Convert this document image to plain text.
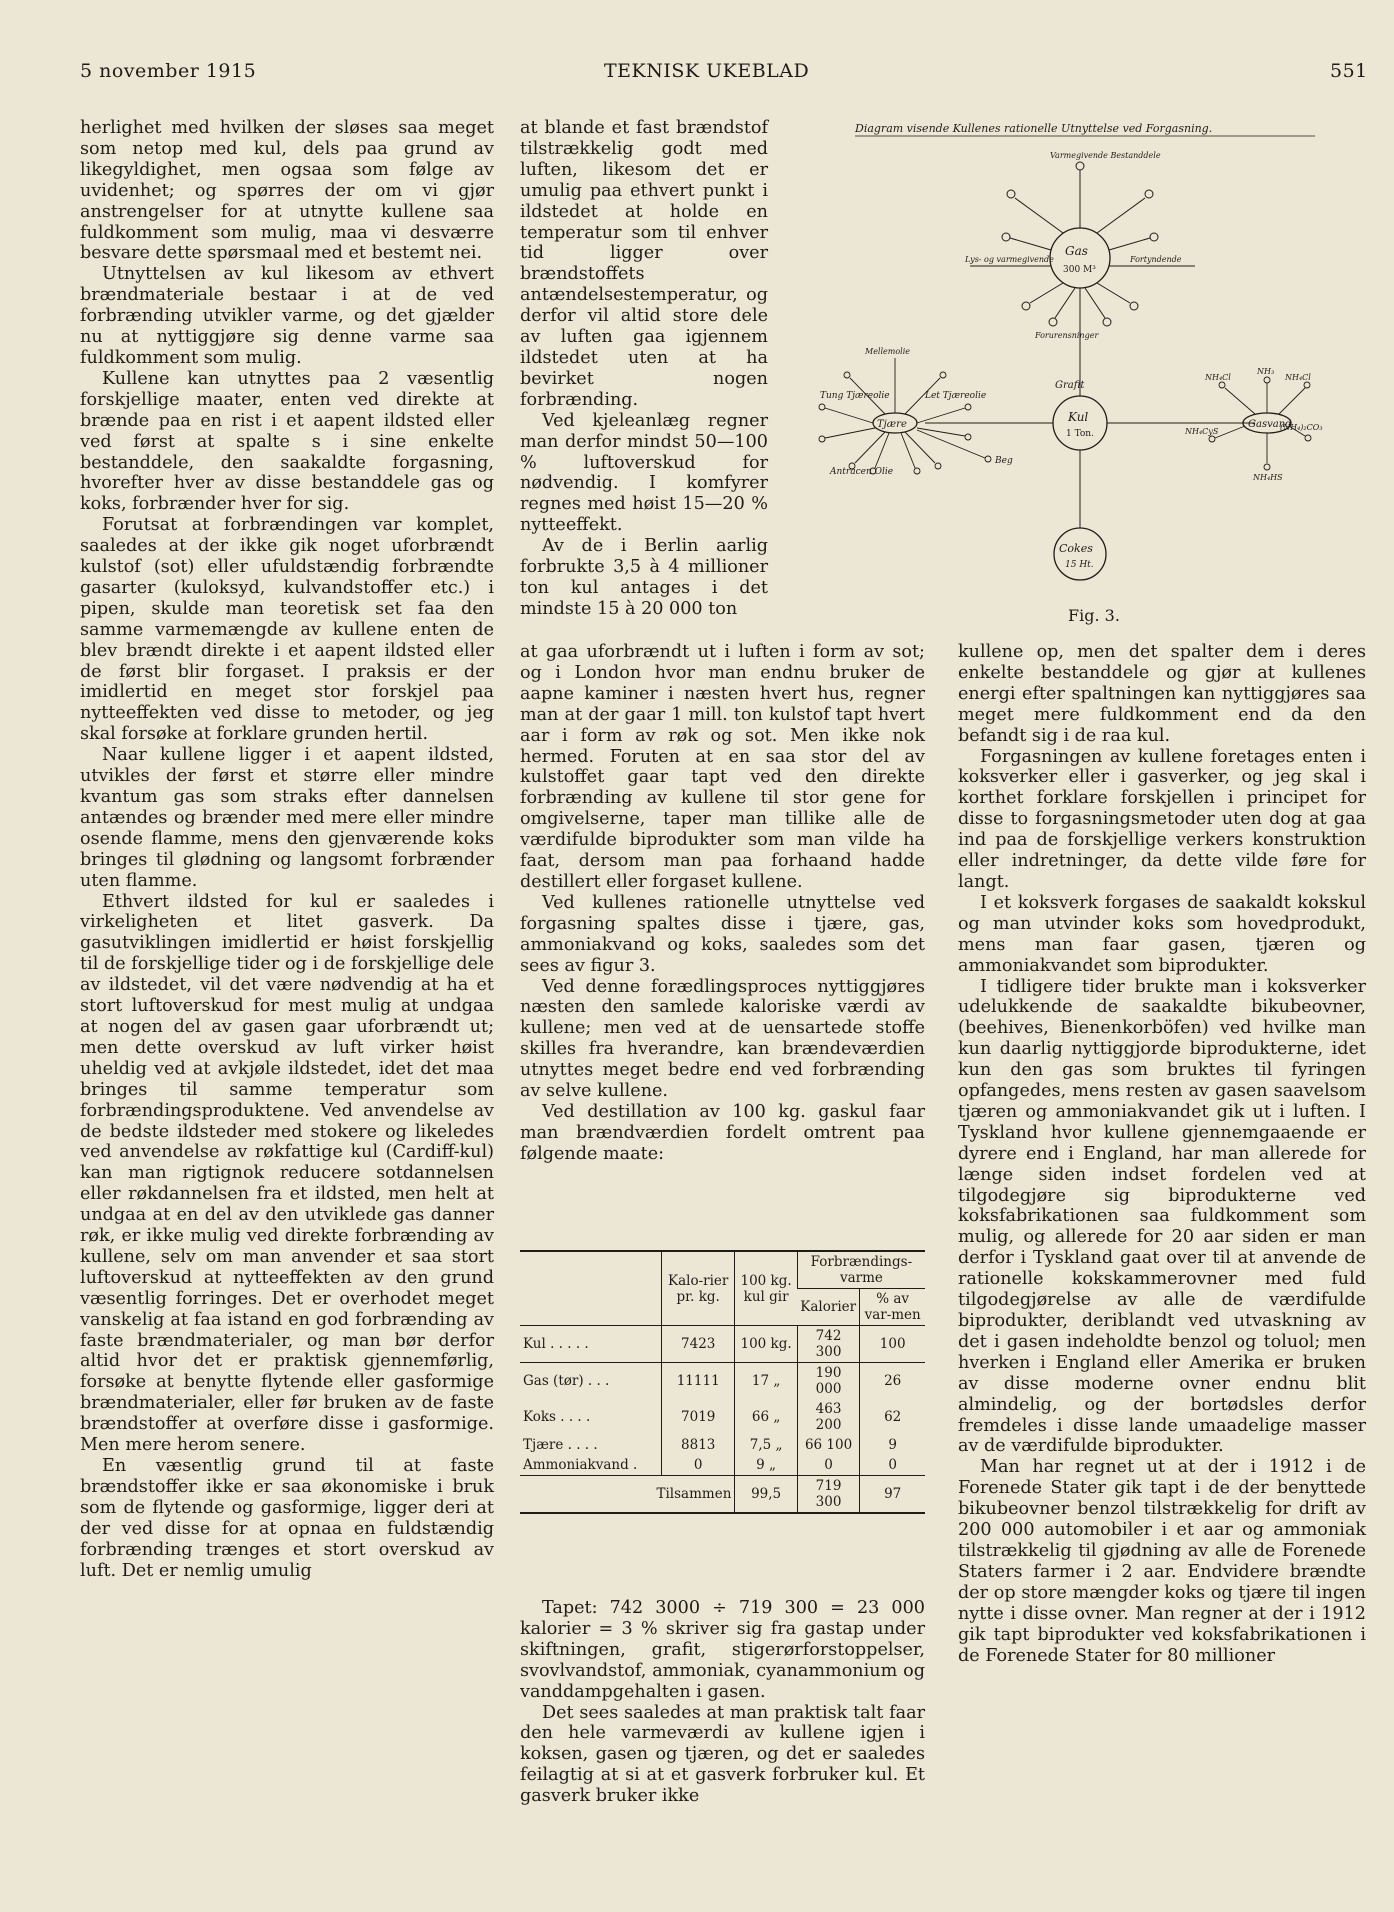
5 november 1915	TEKNISK UKEBLAD	551

herlighet med hvilken der sløses saa meget som netop med kul, dels paa grund av likegyldighet, men ogsaa som følge av uvidenhet; og spørres der om vi gjør anstrengelser for at utnytte kullene saa fuldkomment som mulig, maa vi desværre besvare dette spørsmaal med et bestemt nei.

Utnyttelsen av kul likesom av ethvert brændmateriale bestaar i at de ved forbrænding utvikler varme, og det gjælder nu at nyttiggjøre sig denne varme saa fuldkomment som mulig.

Kullene kan utnyttes paa 2 væsentlig forskjellige maater, enten ved direkte at brænde paa en rist i et aapent ildsted eller ved først at spalte s i sine enkelte bestanddele, den saakaldte forgasning, hvorefter hver av disse bestanddele gas og koks, forbrænder hver for sig.

Forutsat at forbrændingen var komplet, saaledes at der ikke gik noget uforbrændt kulstof (sot) eller ufuldstændig forbrændte gasarter (kuloksyd, kulvandstoffer etc.) i pipen, skulde man teoretisk set faa den samme varmemængde av kullene enten de blev brændt direkte i et aapent ildsted eller de først blir forgaset. I praksis er der imidlertid en meget stor forskjel paa nytteeffekten ved disse to metoder, og jeg skal forsøke at forklare grunden hertil.

Naar kullene ligger i et aapent ildsted, utvikles der først et større eller mindre kvantum gas som straks efter dannelsen antændes og brænder med mere eller mindre osende flamme, mens den gjenværende koks bringes til glødning og langsomt forbrænder uten flamme.

Ethvert ildsted for kul er saaledes i virkeligheten et litet gasverk. Da gasutviklingen imidlertid er høist forskjellig til de forskjellige tider og i de forskjellige dele av ildstedet, vil det være nødvendig at ha et stort luftoverskud for mest mulig at undgaa at nogen del av gasen gaar uforbrændt ut; men dette overskud av luft virker høist uheldig ved at avkjøle ildstedet, idet det maa bringes til samme temperatur som forbrændingsproduktene. Ved anvendelse av de bedste ildsteder med stokere og likeledes ved anvendelse av røkfattige kul (Cardiff-kul) kan man rigtignok reducere sotdannelsen eller røkdannelsen fra et ildsted, men helt at undgaa at en del av den utviklede gas danner røk, er ikke mulig ved direkte forbrænding av kullene, selv om man anvender et saa stort luftoverskud at nytteeffekten av den grund væsentlig forringes. Det er overhodet meget vanskelig at faa istand en god forbrænding av faste brændmaterialer, og man bør derfor altid hvor det er praktisk gjennemførlig, forsøke at benytte flytende eller gasformige brændmaterialer, eller før bruken av de faste brændstoffer at overføre disse i gasformige. Men mere herom senere.

En væsentlig grund til at faste brændstoffer ikke er saa økonomiske i bruk som de flytende og gasformige, ligger deri at der ved disse for at opnaa en fuldstændig forbrænding trænges et stort overskud av luft. Det er nemlig umulig

at blande et fast brændstof tilstrækkelig godt med luften, likesom det er umulig paa ethvert punkt i ildstedet at holde en temperatur som til enhver tid ligger over brændstoffets antændelsestemperatur, og derfor vil altid store dele av luften gaa igjennem ildstedet uten at ha bevirket nogen forbrænding.

Ved kjeleanlæg regner man derfor mindst 50—100 % luftoverskud for nødvendig. I komfyrer regnes med høist 15—20 % nytteeffekt.

Av de i Berlin aarlig forbrukte 3,5 à 4 millioner ton kul antages i det mindste 15 à 20 000 ton

at gaa uforbrændt ut i luften i form av sot; og i London hvor man endnu bruker de aapne kaminer i næsten hvert hus, regner man at der gaar 1 mill. ton kulstof tapt hvert aar i form av røk og sot. Men ikke nok hermed. Foruten at en saa stor del av kulstoffet gaar tapt ved den direkte forbrænding av kullene til stor gene for omgivelserne, taper man tillike alle de værdifulde biprodukter som man vilde ha faat, dersom man paa forhaand hadde destillert eller forgaset kullene.

Ved kullenes rationelle utnyttelse ved forgasning spaltes disse i tjære, gas, ammoniakvand og koks, saaledes som det sees av figur 3.

Ved denne forædlingsproces nyttiggjøres næsten den samlede kaloriske værdi av kullene; men ved at de uensartede stoffe skilles fra hverandre, kan brændeværdien utnyttes meget bedre end ved forbrænding av selve kullene.

Ved destillation av 100 kg. gaskul faar man brændværdien fordelt omtrent paa følgende maate:

	Kalo-rier pr. kg.	100 kg. kul gir	Forbrændings-varme	
			Kalorier	% av var-men
Kul . . . . .	7423	100 kg.	742 300	100
Gas (tør) . . .	11111	17 „	190 000	26
Koks . . . .	7019	66 „	463 200	62
Tjære . . . .	8813	7,5 „	66 100	9
Ammoniakvand .	0	9 „	0	0
Tilsammen		99,5	719 300	97

Tapet: 742 3000 ÷ 719 300 = 23 000 kalorier = 3 % skriver sig fra gastap under skiftningen, grafit, stigerørforstoppelser, svovlvandstof, ammoniak, cyanammonium og vanddampgehalten i gasen.

Det sees saaledes at man praktisk talt faar den hele varmeværdi av kullene igjen i koksen, gasen og tjæren, og det er saaledes feilagtig at si at et gasverk forbruker kul. Et gasverk bruker ikke

kullene op, men det spalter dem i deres enkelte bestanddele og gjør at kullenes energi efter spaltningen kan nyttiggjøres saa meget mere fuldkomment end da den befandt sig i de raa kul.

Forgasningen av kullene foretages enten i koksverker eller i gasverker, og jeg skal i korthet forklare forskjellen i principet for disse to forgasningsmetoder uten dog at gaa ind paa de forskjellige verkers konstruktion eller indretninger, da dette vilde føre for langt.

I et koksverk forgases de saakaldt kokskul og man utvinder koks som hovedprodukt, mens man faar gasen, tjæren og ammoniakvandet som biprodukter.

I tidligere tider brukte man i koksverker udelukkende de saakaldte bikubeovner, (beehives, Bienenkorböfen) ved hvilke man kun daarlig nyttiggjorde biprodukterne, idet kun den gas som bruktes til fyringen opfangedes, mens resten av gasen saavelsom tjæren og ammoniakvandet gik ut i luften. I Tyskland hvor kullene gjennemgaaende er dyrere end i England, har man allerede for længe siden indset fordelen ved at tilgodegjøre sig biprodukterne ved koksfabrikationen saa fuldkomment som mulig, og allerede for 20 aar siden er man derfor i Tyskland gaat over til at anvende de rationelle kokskammerovner med fuld tilgodegjørelse av alle de værdifulde biprodukter, deriblandt ved utvaskning av det i gasen indeholdte benzol og toluol; men hverken i England eller Amerika er bruken av disse moderne ovner endnu blit almindelig, og der bortødsles derfor fremdeles i disse lande umaadelige masser av de værdifulde biprodukter.

Man har regnet ut at der i 1912 i de Forenede Stater gik tapt i de der benyttede bikubeovner benzol tilstrækkelig for drift av 200 000 automobiler i et aar og ammoniak tilstrækkelig til gjødning av alle de Forenede Staters farmer i 2 aar. Endvidere brændte der op store mængder koks og tjære til ingen nytte i disse ovner. Man regner at der i 1912 gik tapt biprodukter ved koksfabrikationen i de Forenede Stater for 80 millioner

Diagram visende Kullenes rationelle Utnyttelse ved Forgasning.
Gas
300 M³
Lys- og varmegivende	Fortyndende
Varmegivende Bestanddele
Forurensninger
Kul
1 Ton.
Grafit
Cokes
15 Ht.
Tjære
Mellemolie
Tung Tjæreolie	Let Tjæreolie
Antracen Olie
Beg
Gasvand
NH₃
NH₄Cl	NH₄Cl
NH₄CyS	(NH₄)₂CO₃
NH₄HS
Fig. 3.
